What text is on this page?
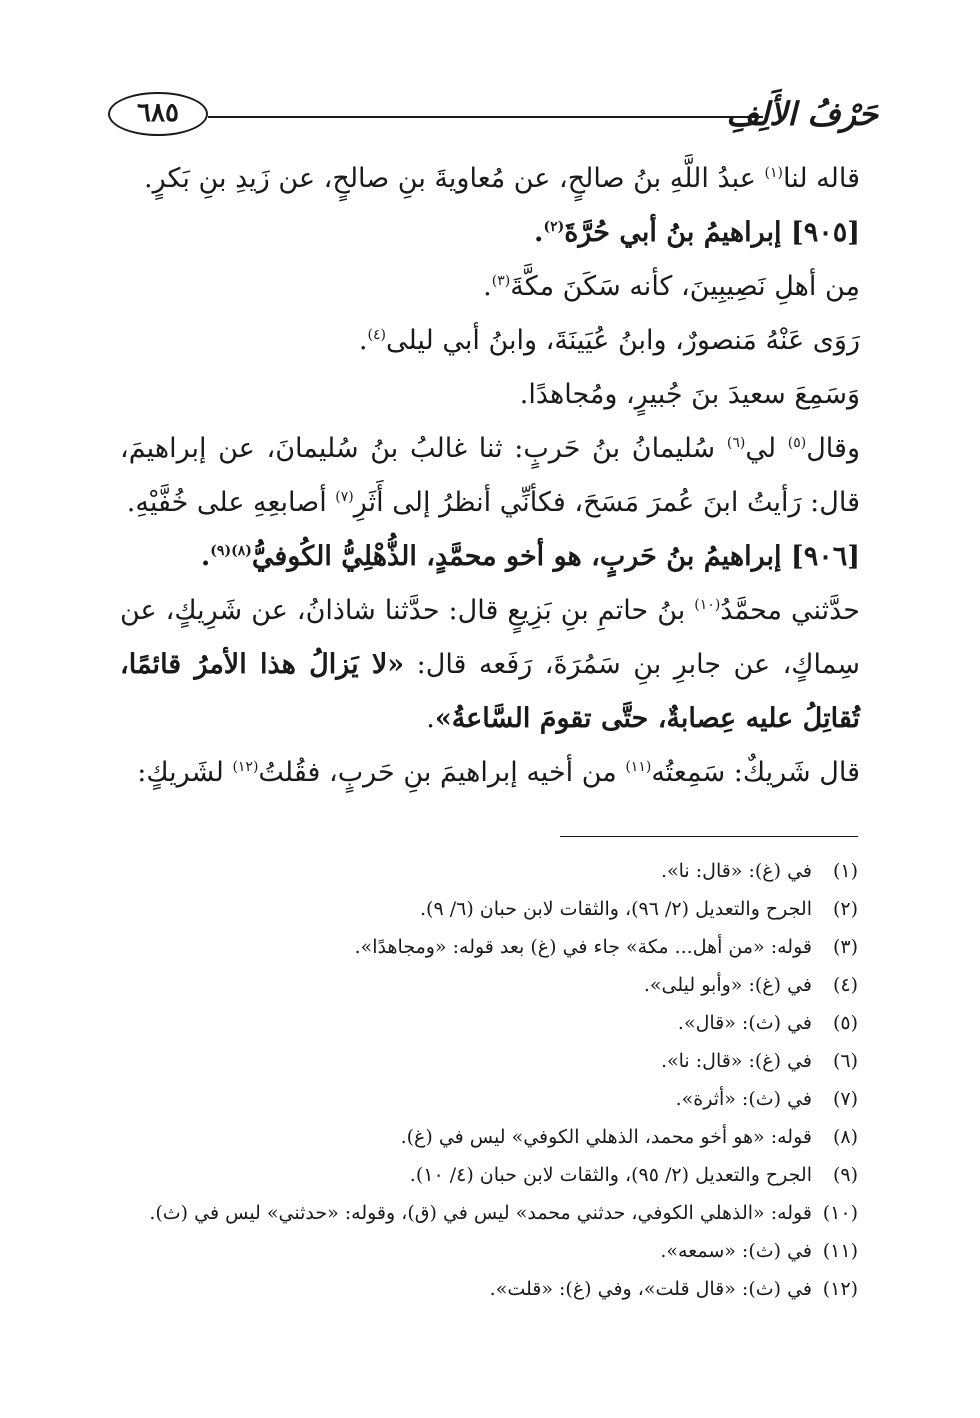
حَرْفُ الأَلِفِ
٦٨٥

قاله لنا$^{(١)}$ عبدُ اللَّهِ بنُ صالحٍ، عن مُعاويةَ بنِ صالحٍ، عن زَيدِ بنِ بَكرٍ.

[٩٠٥] إبراهيمُ بنُ أبي حُرَّةَ$^{(٢)}$.

مِن أهلِ نَصِيبِينَ، كأنه سَكَنَ مكَّةَ$^{(٣)}$.

رَوَى عَنْهُ مَنصورٌ، وابنُ عُيَينَةَ، وابنُ أبي ليلى$^{(٤)}$.

وَسَمِعَ سعيدَ بنَ جُبيرٍ، ومُجاهدًا.

وقال$^{(٥)}$ لي$^{(٦)}$ سُليمانُ بنُ حَربٍ: ثنا غالبُ بنُ سُليمانَ، عن إبراهيمَ، قال: رَأيتُ ابنَ عُمرَ مَسَحَ، فكأنِّي أنظرُ إلى أَثَرِ$^{(٧)}$ أصابعِهِ على خُفَّيْهِ.

[٩٠٦] إبراهيمُ بنُ حَربٍ، هو أخو محمَّدٍ، الذُّهْلِيُّ الكُوفيُّ$^{(٨)(٩)}$.

حدَّثني محمَّدُ$^{(١٠)}$ بنُ حاتمِ بنِ بَزِيعٍ قال: حدَّثنا شاذانُ، عن شَرِيكٍ، عن سِماكٍ، عن جابرِ بنِ سَمُرَةَ، رَفَعه قال: «لا يَزالُ هذا الأمرُ قائمًا، تُقاتِلُ عليه عِصابةٌ، حتَّى تقومَ السَّاعةُ».

قال شَريكٌ: سَمِعتُه$^{(١١)}$ من أخيه إبراهيمَ بنِ حَربٍ، فقُلتُ$^{(١٢)}$ لشَريكٍ:

(١)في (غ): «قال: نا».
(٢)الجرح والتعديل (٢/ ٩٦)، والثقات لابن حبان (٦/ ٩).
(٣)قوله: «من أهل... مكة» جاء في (غ) بعد قوله: «ومجاهدًا».
(٤)في (غ): «وأبو ليلى».
(٥)في (ث): «قال».
(٦)في (غ): «قال: نا».
(٧)في (ث): «أثرة».
(٨)قوله: «هو أخو محمد، الذهلي الكوفي» ليس في (غ).
(٩)الجرح والتعديل (٢/ ٩٥)، والثقات لابن حبان (٤/ ١٠).
(١٠)قوله: «الذهلي الكوفي، حدثني محمد» ليس في (ق)، وقوله: «حدثني» ليس في (ث).
(١١)في (ث): «سمعه».
(١٢)في (ث): «قال قلت»، وفي (غ): «قلت».
